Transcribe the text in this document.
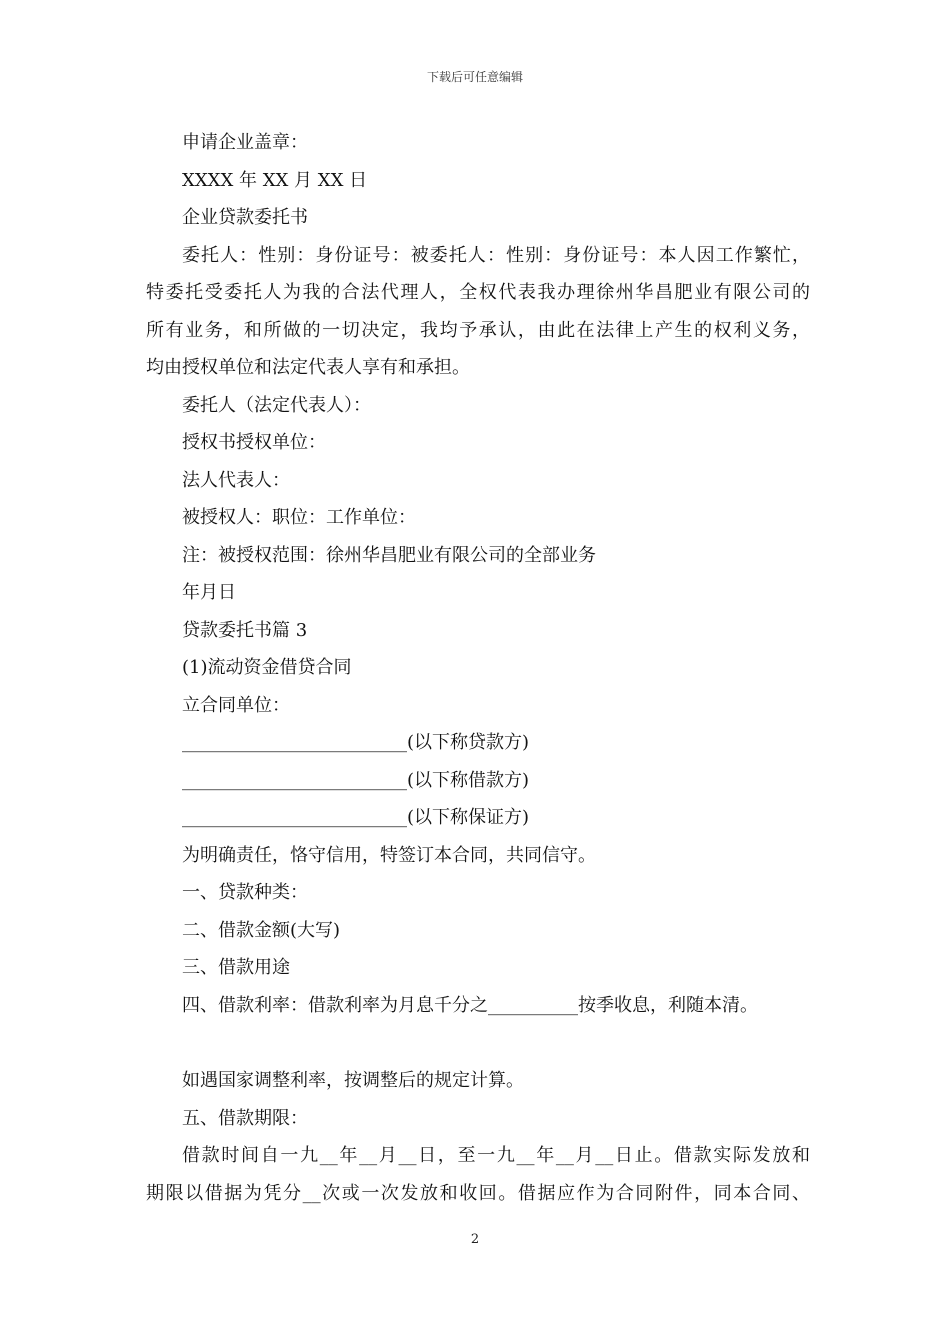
下载后可任意编辑
申请企业盖章：
XXXX 年 XX 月 XX 日
企业贷款委托书
委托人：性别：身份证号：被委托人：性别：身份证号：本人因工作繁忙，
特委托受委托人为我的合法代理人，全权代表我办理徐州华昌肥业有限公司的
所有业务，和所做的一切决定，我均予承认，由此在法律上产生的权利义务，
均由授权单位和法定代表人享有和承担。
委托人（法定代表人）：
授权书授权单位：
法人代表人：
被授权人：职位：工作单位：
注：被授权范围：徐州华昌肥业有限公司的全部业务
年月日
贷款委托书篇 3
(1)流动资金借贷合同
立合同单位：
_________________________(以下称贷款方)
_________________________(以下称借款方)
_________________________(以下称保证方)
为明确责任，恪守信用，特签订本合同，共同信守。
一、贷款种类：
二、借款金额(大写)
三、借款用途
四、借款利率：借款利率为月息千分之__________按季收息，利随本清。
如遇国家调整利率，按调整后的规定计算。
五、借款期限：
借款时间自一九__年__月__日，至一九__年__月__日止。借款实际发放和
期限以借据为凭分__次或一次发放和收回。借据应作为合同附件，同本合同、
2
